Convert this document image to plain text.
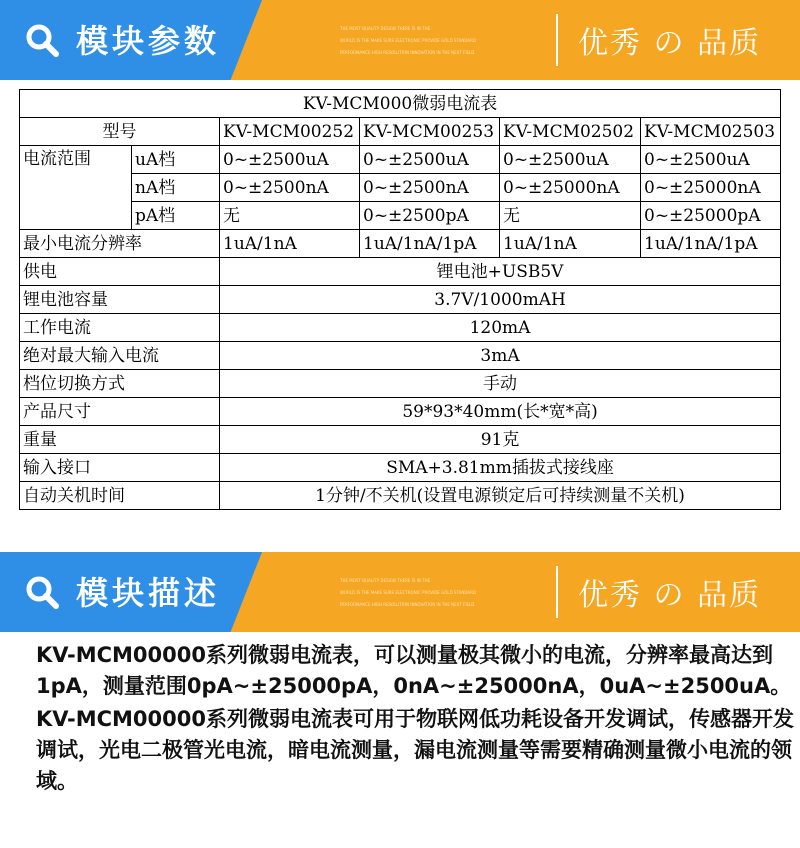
模块参数	THE MOST QUALITY DESIGN THERE IS IN THE
WORLD IS THE MAKE SURE ELECTRONIC PROVIDE GOLD STANDARD
PERFORMANCE HIGH RESOLUTION INNOVATION IN THE NEXT FIELD	优秀 の 品质
KV-MCM000微弱电流表					
型号		KV-MCM00252	KV-MCM00253	KV-MCM02502	KV-MCM02503
电流范围	uA档	0~±2500uA	0~±2500uA	0~±2500uA	0~±2500uA
	nA档	0~±2500nA	0~±2500nA	0~±25000nA	0~±25000nA
	pA档	无	0~±2500pA	无	0~±25000pA
最小电流分辨率		1uA/1nA	1uA/1nA/1pA	1uA/1nA	1uA/1nA/1pA
供电		锂电池+USB5V			
锂电池容量		3.7V/1000mAH			
工作电流		120mA			
绝对最大输入电流		3mA			
档位切换方式		手动			
产品尺寸		59*93*40mm(长*宽*高)			
重量		91克			
输入接口		SMA+3.81mm插拔式接线座			
自动关机时间		1分钟/不关机(设置电源锁定后可持续测量不关机)			
模块描述	THE MOST QUALITY DESIGN THERE IS IN THE
WORLD IS THE MAKE SURE ELECTRONIC PROVIDE GOLD STANDARD
PERFORMANCE HIGH RESOLUTION INNOVATION IN THE NEXT FIELD	优秀 の 品质

KV-MCM00000系列微弱电流表，可以测量极其微小的电流，分辨率最高达到1pA，测量范围0pA~±25000pA，0nA~±25000nA，0uA~±2500uA。

KV-MCM00000系列微弱电流表可用于物联网低功耗设备开发调试，传感器开发调试，光电二极管光电流，暗电流测量，漏电流测量等需要精确测量微小电流的领域。
